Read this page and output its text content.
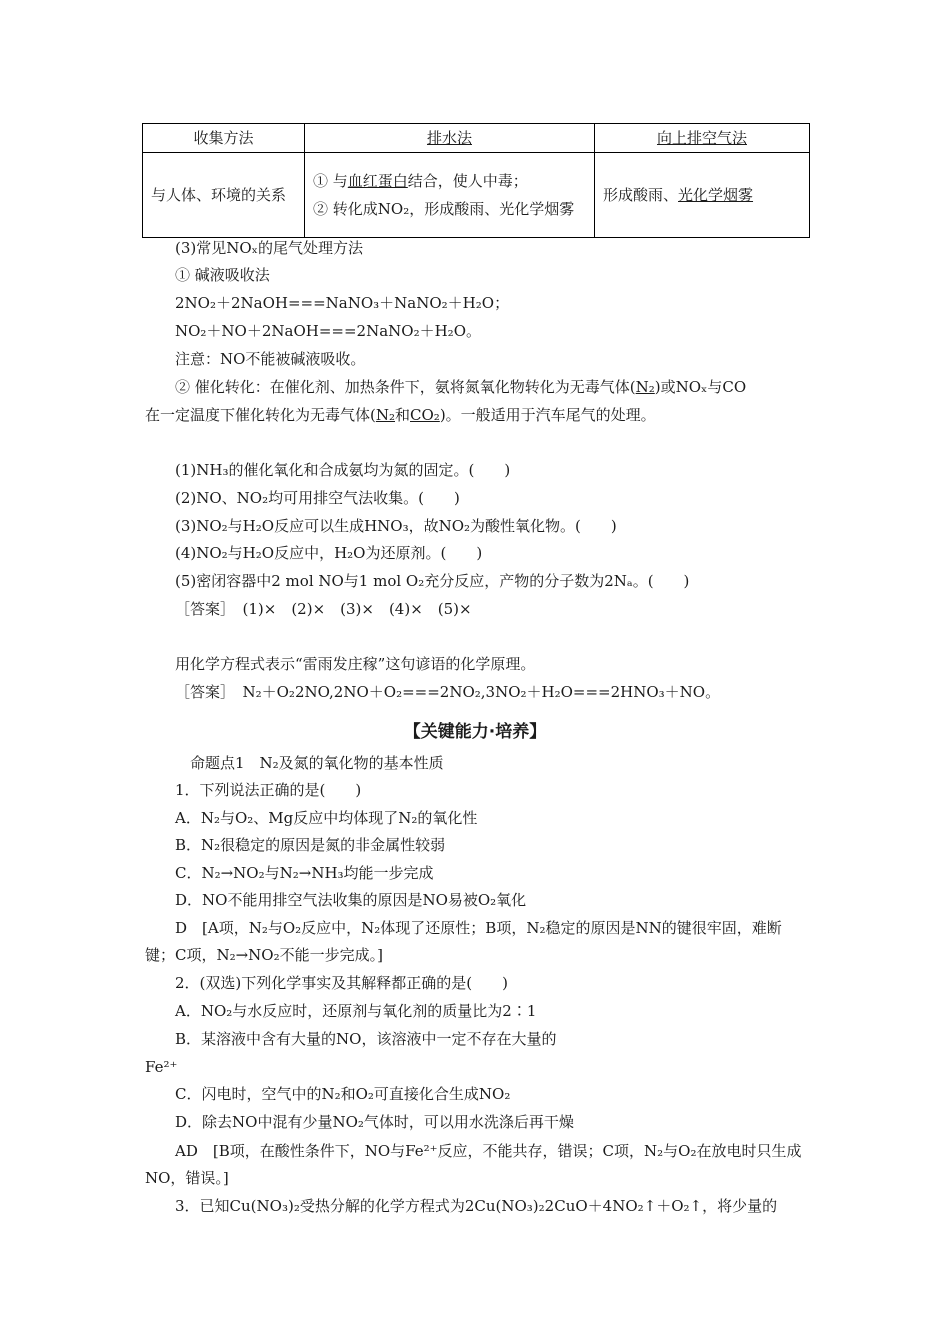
收集方法	排水法	向上排空气法
与人体、环境的关系	① 与血红蛋白结合，使人中毒；
② 转化成NO₂，形成酸雨、光化学烟雾	形成酸雨、光化学烟雾
(3)常见NOₓ的尾气处理方法
① 碱液吸收法
2NO₂＋2NaOH===NaNO₃＋NaNO₂＋H₂O；
NO₂＋NO＋2NaOH===2NaNO₂＋H₂O。
注意：NO不能被碱液吸收。
② 催化转化：在催化剂、加热条件下，氨将氮氧化物转化为无毒气体(N₂)或NOₓ与CO
在一定温度下催化转化为无毒气体(N₂和CO₂)。一般适用于汽车尾气的处理。
(1)NH₃的催化氧化和合成氨均为氮的固定。(　　)
(2)NO、NO₂均可用排空气法收集。(　　)
(3)NO₂与H₂O反应可以生成HNO₃，故NO₂为酸性氧化物。(　　)
(4)NO₂与H₂O反应中，H₂O为还原剂。(　　)
(5)密闭容器中2 mol NO与1 mol O₂充分反应，产物的分子数为2Nₐ。(　　)
［答案］　(1)×　(2)×　(3)×　(4)×　(5)×
用化学方程式表示“雷雨发庄稼”这句谚语的化学原理。
［答案］　N₂＋O₂2NO,2NO＋O₂===2NO₂,3NO₂＋H₂O===2HNO₃＋NO。
【关键能力·培养】
命题点1　N₂及氮的氧化物的基本性质
1．下列说法正确的是(　　)
A．N₂与O₂、Mg反应中均体现了N₂的氧化性
B．N₂很稳定的原因是氮的非金属性较弱
C．N₂→NO₂与N₂→NH₃均能一步完成
D．NO不能用排空气法收集的原因是NO易被O₂氧化
D　[A项，N₂与O₂反应中，N₂体现了还原性；B项，N₂稳定的原因是NN的键很牢固，难断键；C项，N₂→NO₂不能一步完成。]
2．(双选)下列化学事实及其解释都正确的是(　　)
A．NO₂与水反应时，还原剂与氧化剂的质量比为2∶1
B．某溶液中含有大量的NO，该溶液中一定不存在大量的
Fe²⁺
C．闪电时，空气中的N₂和O₂可直接化合生成NO₂
D．除去NO中混有少量NO₂气体时，可以用水洗涤后再干燥
AD　[B项，在酸性条件下，NO与Fe²⁺反应，不能共存，错误；C项，N₂与O₂在放电时只生成NO，错误。]
3．已知Cu(NO₃)₂受热分解的化学方程式为2Cu(NO₃)₂2CuO＋4NO₂↑＋O₂↑，将少量的
